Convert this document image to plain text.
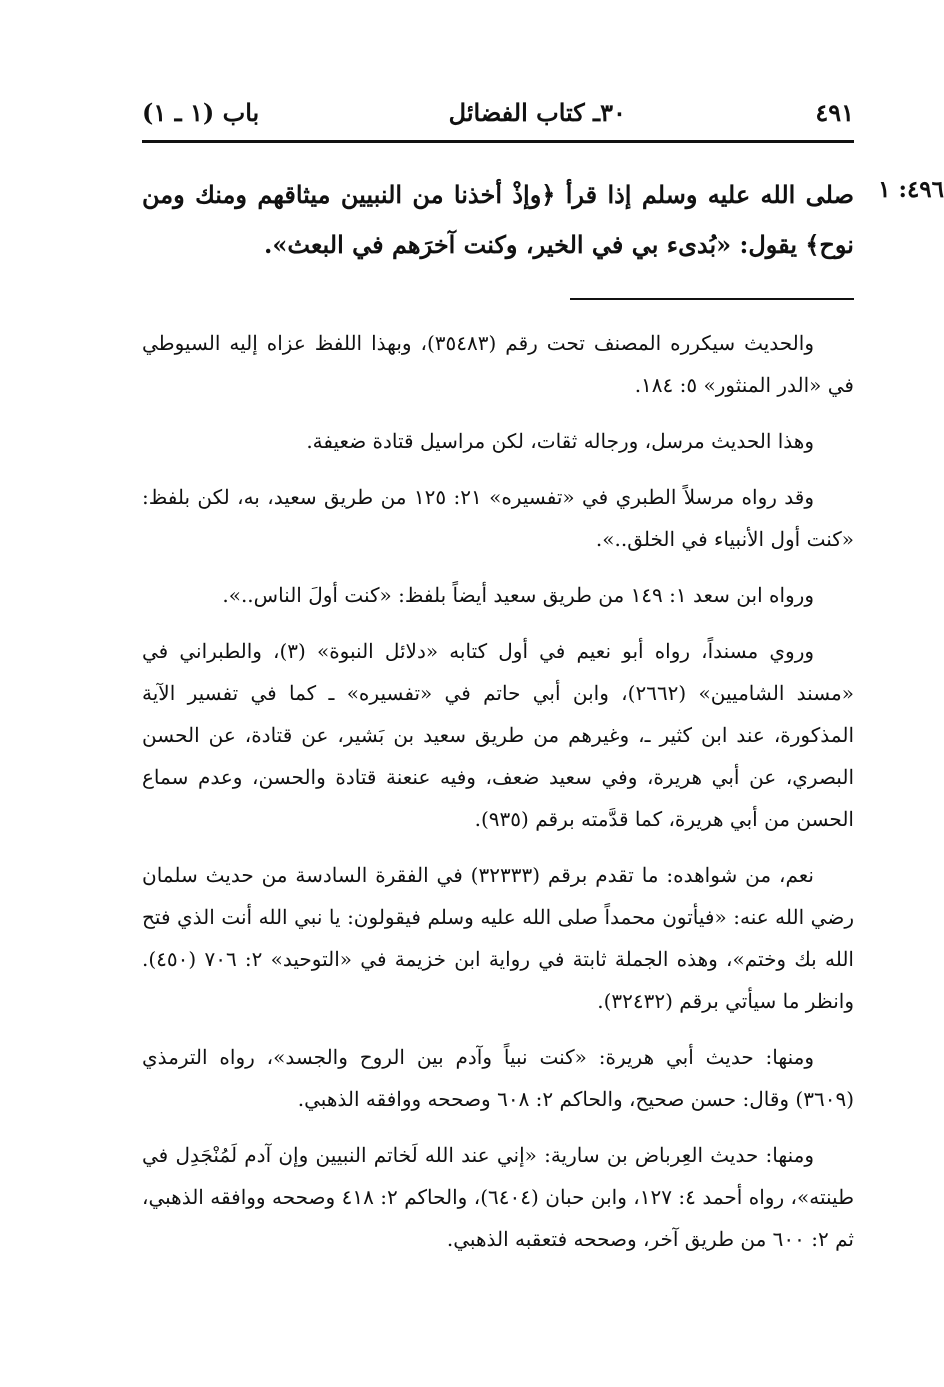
باب (١ ـ ١)	٣٠ـ كتاب الفضائل	٤٩١
٤٩٦: ١
صلى الله عليه وسلم إذا قرأ ﴿وإذْ أخذنا من النبيين ميثاقهم ومنك ومن نوح﴾ يقول: «بُدىء بي في الخير، وكنت آخرَهم في البعث».

والحديث سيكرره المصنف تحت رقم (٣٥٤٨٣)، وبهذا اللفظ عزاه إليه السيوطي في «الدر المنثور» ٥: ١٨٤.

وهذا الحديث مرسل، ورجاله ثقات، لكن مراسيل قتادة ضعيفة.

وقد رواه مرسلاً الطبري في «تفسيره» ٢١: ١٢٥ من طريق سعيد، به، لكن بلفظ: «كنت أول الأنبياء في الخلق..».

ورواه ابن سعد ١: ١٤٩ من طريق سعيد أيضاً بلفظ: «كنت أولَ الناس..».

وروي مسنداً، رواه أبو نعيم في أول كتابه «دلائل النبوة» (٣)، والطبراني في «مسند الشاميين» (٢٦٦٢)، وابن أبي حاتم في «تفسيره» ـ كما في تفسير الآية المذكورة، عند ابن كثير ـ، وغيرهم من طريق سعيد بن بَشير، عن قتادة، عن الحسن البصري، عن أبي هريرة، وفي سعيد ضعف، وفيه عنعنة قتادة والحسن، وعدم سماع الحسن من أبي هريرة، كما قدَّمته برقم (٩٣٥).

نعم، من شواهده: ما تقدم برقم (٣٢٣٣٣) في الفقرة السادسة من حديث سلمان رضي الله عنه: «فيأتون محمداً صلى الله عليه وسلم فيقولون: يا نبي الله أنت الذي فتح الله بك وختم»، وهذه الجملة ثابتة في رواية ابن خزيمة في «التوحيد» ٢: ٧٠٦ (٤٥٠). وانظر ما سيأتي برقم (٣٢٤٣٢).

ومنها: حديث أبي هريرة: «كنت نبياً وآدم بين الروح والجسد»، رواه الترمذي (٣٦٠٩) وقال: حسن صحيح، والحاكم ٢: ٦٠٨ وصححه ووافقه الذهبي.

ومنها: حديث العِرباض بن سارية: «إني عند الله لَخاتم النبيين وإن آدم لَمُنْجَدِل في طينته»، رواه أحمد ٤: ١٢٧، وابن حبان (٦٤٠٤)، والحاكم ٢: ٤١٨ وصححه ووافقه الذهبي، ثم ٢: ٦٠٠ من طريق آخر، وصححه فتعقبه الذهبي.
